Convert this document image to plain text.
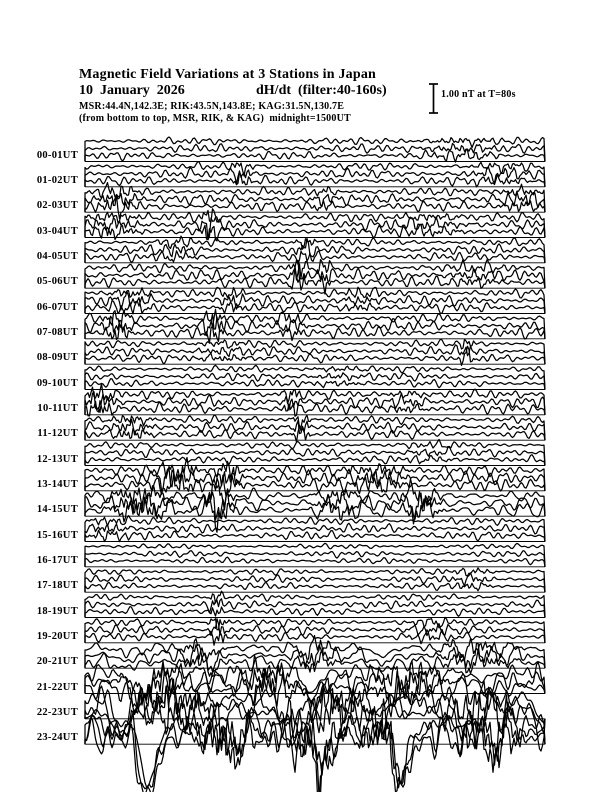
Magnetic Field Variations at 3 Stations in Japan
10  January  2026	dH/dt  (filter:40-160s)
MSR:44.4N,142.3E; RIK:43.5N,143.8E; KAG:31.5N,130.7E
(from bottom to top, MSR, RIK, & KAG)  midnight=1500UT
1.00 nT at T=80s
00-01UT
01-02UT
02-03UT
03-04UT
04-05UT
05-06UT
06-07UT
07-08UT
08-09UT
09-10UT
10-11UT
11-12UT
12-13UT
13-14UT
14-15UT
15-16UT
16-17UT
17-18UT
18-19UT
19-20UT
20-21UT
21-22UT
22-23UT
23-24UT
